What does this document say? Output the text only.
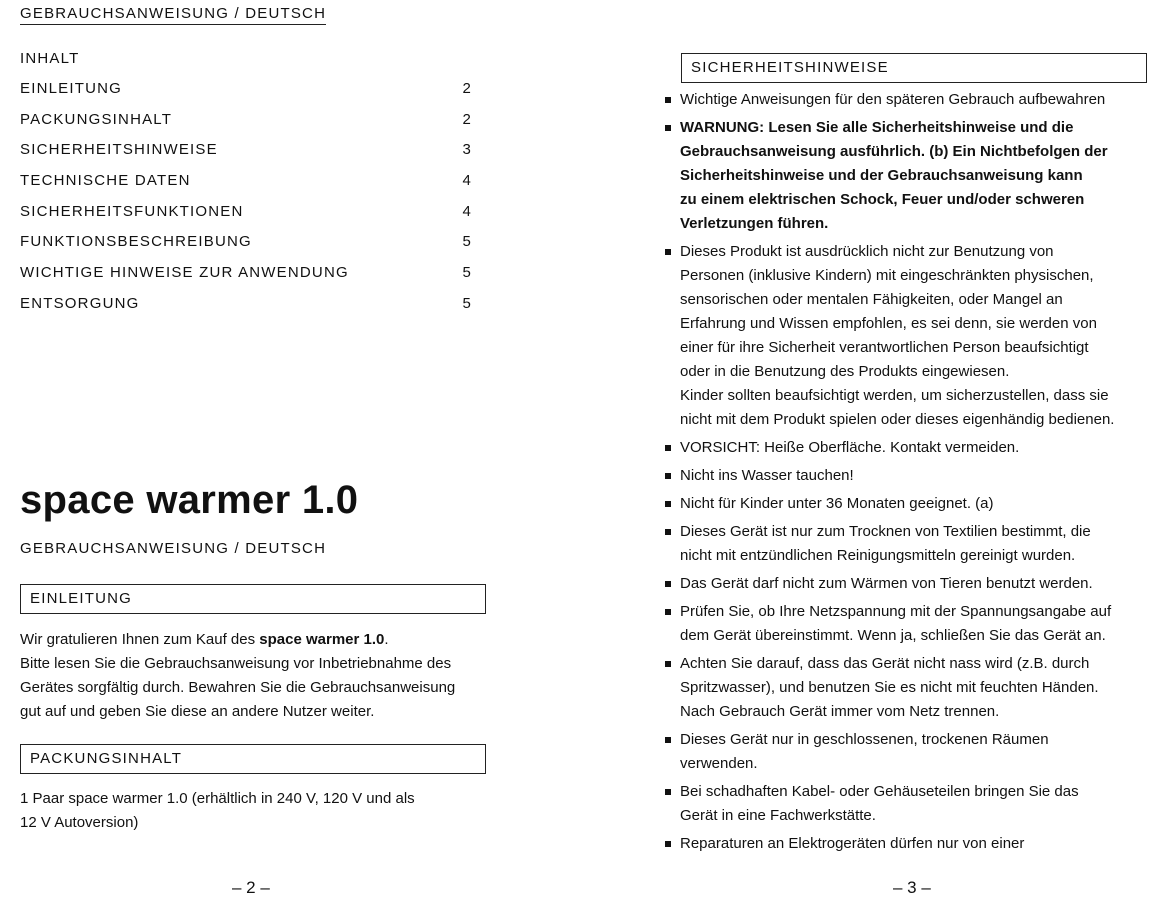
GEBRAUCHSANWEISUNG / DEUTSCH
INHALT
EINLEITUNG	2
PACKUNGSINHALT	2
SICHERHEITSHINWEISE	3
TECHNISCHE DATEN	4
SICHERHEITSFUNKTIONEN	4
FUNKTIONSBESCHREIBUNG	5
WICHTIGE HINWEISE ZUR ANWENDUNG	5
ENTSORGUNG	5
space warmer 1.0
GEBRAUCHSANWEISUNG / DEUTSCH
EINLEITUNG

Wir gratulieren Ihnen zum Kauf des space warmer 1.0.
Bitte lesen Sie die Gebrauchsanweisung vor Inbetriebnahme des
Gerätes sorgfältig durch. Bewahren Sie die Gebrauchsanweisung
gut auf und geben Sie diese an andere Nutzer weiter.

PACKUNGSINHALT

1 Paar space warmer 1.0 (erhältlich in 240 V, 120 V und als
12 V Autoversion)

– 2 –
SICHERHEITSHINWEISE
Wichtige Anweisungen für den späteren Gebrauch aufbewahren
WARNUNG: Lesen Sie alle Sicherheitshinweise und die
Gebrauchsanweisung ausführlich. (b) Ein Nichtbefolgen der
Sicherheitshinweise und der Gebrauchsanweisung kann
zu einem elektrischen Schock, Feuer und/oder schweren
Verletzungen führen.
Dieses Produkt ist ausdrücklich nicht zur Benutzung von
Personen (inklusive Kindern) mit eingeschränkten physischen,
sensorischen oder mentalen Fähigkeiten, oder Mangel an
Erfahrung und Wissen empfohlen, es sei denn, sie werden von
einer für ihre Sicherheit verantwortlichen Person beaufsichtigt
oder in die Benutzung des Produkts eingewiesen.
Kinder sollten beaufsichtigt werden, um sicherzustellen, dass sie
nicht mit dem Produkt spielen oder dieses eigenhändig bedienen.
VORSICHT: Heiße Oberfläche. Kontakt vermeiden.
Nicht ins Wasser tauchen!
Nicht für Kinder unter 36 Monaten geeignet. (a)
Dieses Gerät ist nur zum Trocknen von Textilien bestimmt, die
nicht mit entzündlichen Reinigungsmitteln gereinigt wurden.
Das Gerät darf nicht zum Wärmen von Tieren benutzt werden.
Prüfen Sie, ob Ihre Netzspannung mit der Spannungsangabe auf
dem Gerät übereinstimmt. Wenn ja, schließen Sie das Gerät an.
Achten Sie darauf, dass das Gerät nicht nass wird (z.B. durch
Spritzwasser), und benutzen Sie es nicht mit feuchten Händen.
Nach Gebrauch Gerät immer vom Netz trennen.
Dieses Gerät nur in geschlossenen, trockenen Räumen
verwenden.
Bei schadhaften Kabel- oder Gehäuseteilen bringen Sie das
Gerät in eine Fachwerkstätte.
Reparaturen an Elektrogeräten dürfen nur von einer
– 3 –
